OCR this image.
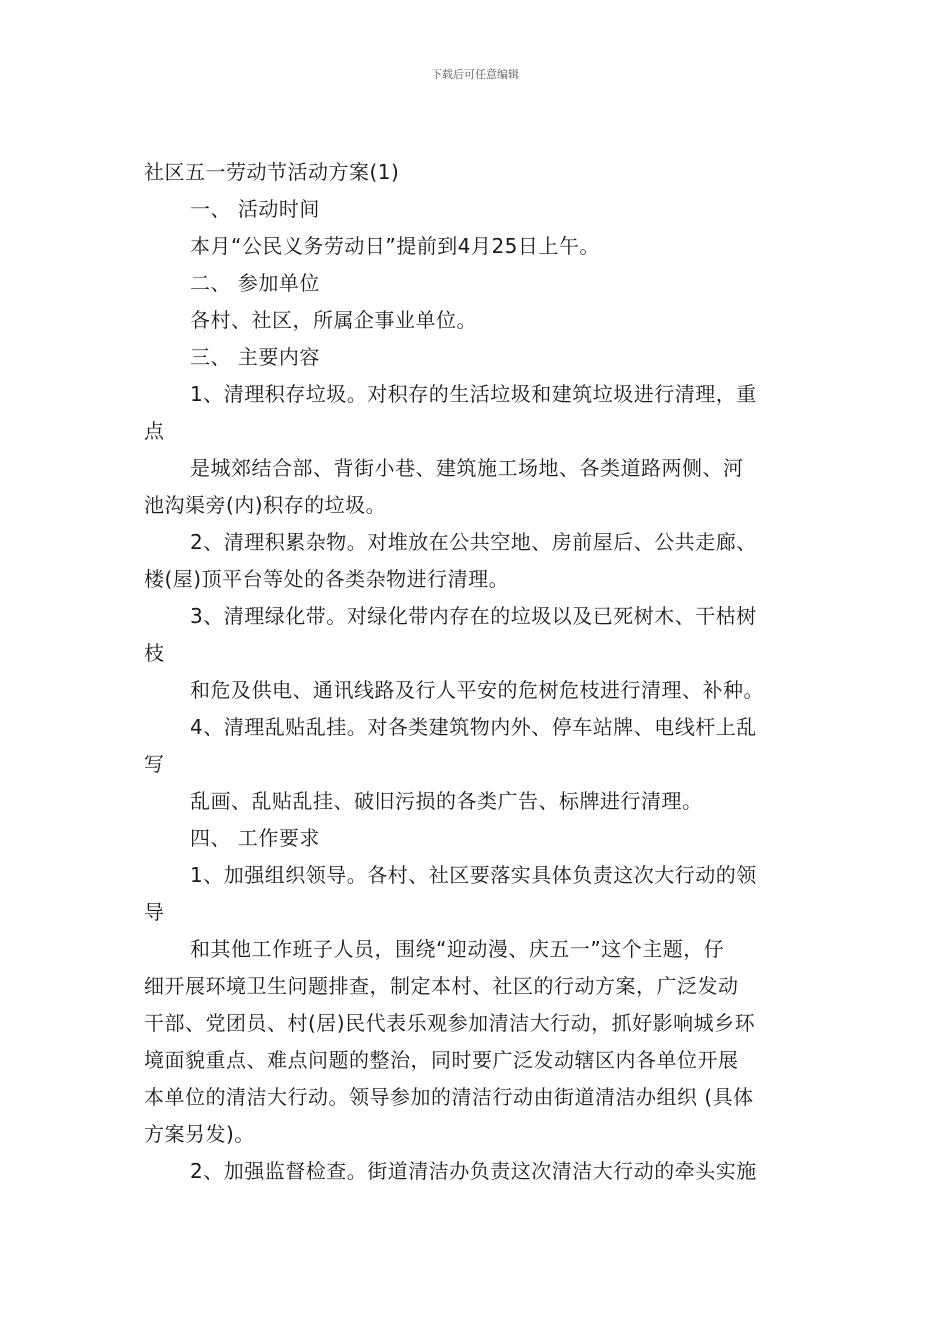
下载后可任意编辑
社区五一劳动节活动方案(1)
一、 活动时间
本月“公民义务劳动日”提前到4月25日上午。
二、 参加单位
各村、社区，所属企事业单位。
三、 主要内容
1、清理积存垃圾。对积存的生活垃圾和建筑垃圾进行清理，重
点
是城郊结合部、背街小巷、建筑施工场地、各类道路两侧、河
池沟渠旁(内)积存的垃圾。
2、清理积累杂物。对堆放在公共空地、房前屋后、公共走廊、
楼(屋)顶平台等处的各类杂物进行清理。
3、清理绿化带。对绿化带内存在的垃圾以及已死树木、干枯树
枝
和危及供电、通讯线路及行人平安的危树危枝进行清理、补种。
4、清理乱贴乱挂。对各类建筑物内外、停车站牌、电线杆上乱
写
乱画、乱贴乱挂、破旧污损的各类广告、标牌进行清理。
四、 工作要求
1、加强组织领导。各村、社区要落实具体负责这次大行动的领
导
和其他工作班子人员，围绕“迎动漫、庆五一”这个主题，仔
细开展环境卫生问题排查，制定本村、社区的行动方案，广泛发动
干部、党团员、村(居)民代表乐观参加清洁大行动，抓好影响城乡环
境面貌重点、难点问题的整治，同时要广泛发动辖区内各单位开展
本单位的清洁大行动。领导参加的清洁行动由街道清洁办组织 (具体
方案另发)。
2、加强监督检查。街道清洁办负责这次清洁大行动的牵头实施
